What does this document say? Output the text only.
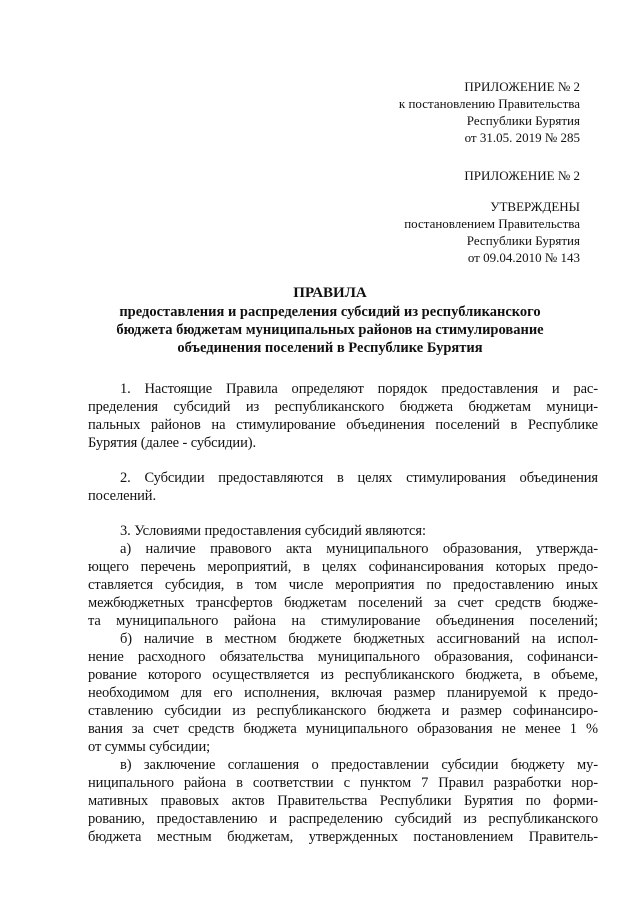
ПРИЛОЖЕНИЕ № 2
к постановлению Правительства
Республики Бурятия
от 31.05. 2019 № 285
ПРИЛОЖЕНИЕ № 2
УТВЕРЖДЕНЫ
постановлением Правительства
Республики Бурятия
от 09.04.2010 № 143
ПРАВИЛА
предоставления и распределения субсидий из республиканского
бюджета бюджетам муниципальных районов на стимулирование
объединения поселений в Республике Бурятия

1. Настоящие Правила определяют порядок предоставления и рас-

пределения субсидий из республиканского бюджета бюджетам муници-

пальных районов на стимулирование объединения поселений в Республике

Бурятия (далее - субсидии).

2. Субсидии предоставляются в целях стимулирования объединения

поселений.

3. Условиями предоставления субсидий являются:

а) наличие правового акта муниципального образования, утвержда-

ющего перечень мероприятий, в целях софинансирования которых предо-

ставляется субсидия, в том числе мероприятия по предоставлению иных

межбюджетных трансфертов бюджетам поселений за счет средств бюдже-

та муниципального района на стимулирование объединения поселений;

б) наличие в местном бюджете бюджетных ассигнований на испол-

нение расходного обязательства муниципального образования, софинанси-

рование которого осуществляется из республиканского бюджета, в объеме,

необходимом для его исполнения, включая размер планируемой к предо-

ставлению субсидии из республиканского бюджета и размер софинансиро-

вания за счет средств бюджета муниципального образования не менее 1 %

от суммы субсидии;

в) заключение соглашения о предоставлении субсидии бюджету му-

ниципального района в соответствии с пунктом 7 Правил разработки нор-

мативных правовых актов Правительства Республики Бурятия по форми-

рованию, предоставлению и распределению субсидий из республиканского

бюджета местным бюджетам, утвержденных постановлением Правитель-
